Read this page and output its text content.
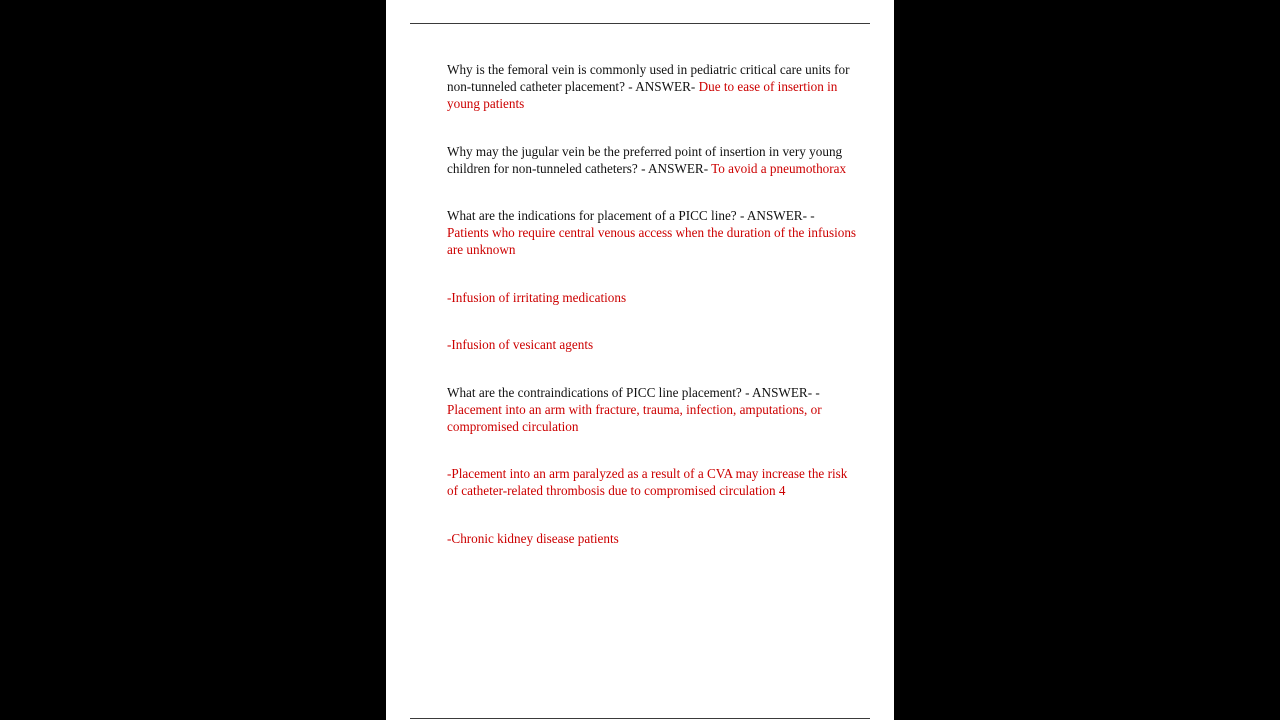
Why is the femoral vein is commonly used in pediatric critical care units for non-tunneled catheter placement? - ANSWER- Due to ease of insertion in young patients

Why may the jugular vein be the preferred point of insertion in very young children for non-tunneled catheters? - ANSWER- To avoid a pneumothorax

What are the indications for placement of a PICC line? - ANSWER- - Patients who require central venous access when the duration of the infusions are unknown

-Infusion of irritating medications

-Infusion of vesicant agents

What are the contraindications of PICC line placement? - ANSWER- - Placement into an arm with fracture, trauma, infection, amputations, or compromised circulation

-Placement into an arm paralyzed as a result of a CVA may increase the risk of catheter-related thrombosis due to compromised circulation 4

-Chronic kidney disease patients
